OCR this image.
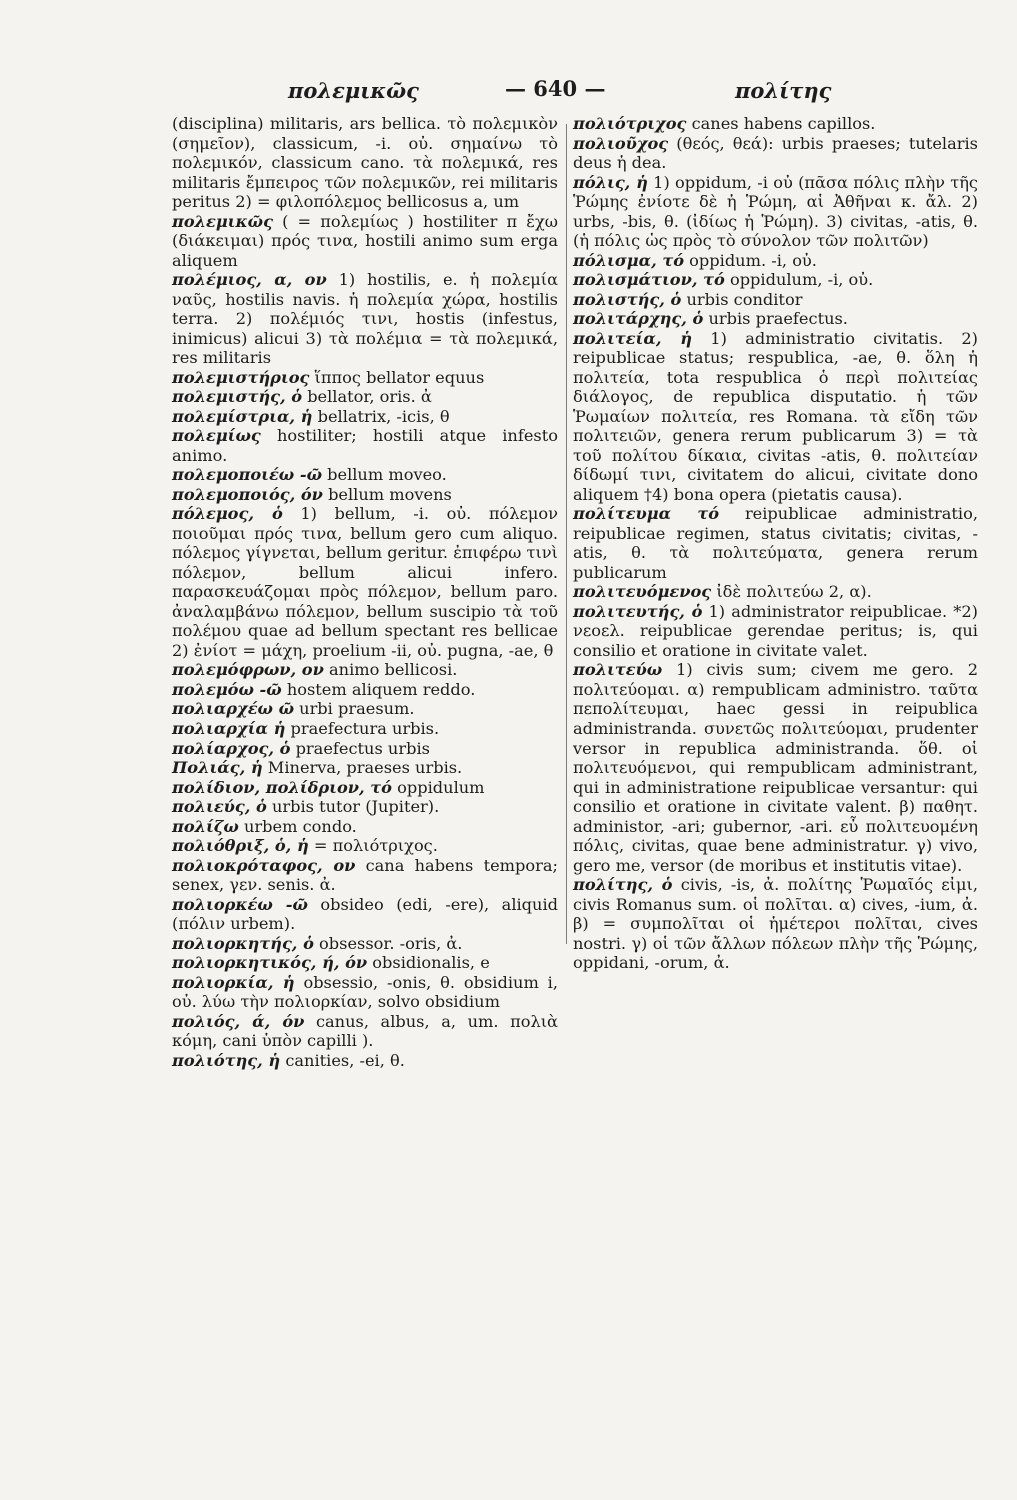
πολεμικῶς	— 640 —	πολίτης

(disciplina) militaris, ars bellica. τὸ πολεμικὸν (σημεῖον), classicum, -i. οὐ. σημαίνω τὸ πολεμικόν, classicum cano. τὰ πολεμικά, res militaris ἔμπειρος τῶν πολεμικῶν, rei militaris peritus 2) = φιλοπόλεμος bellicosus a, um

πολεμικῶς ( = πολεμίως ) hostiliter π ἔχω (διάκειμαι) πρός τινα, hostili animo sum erga aliquem

πολέμιος, α, ον 1) hostilis, e. ἡ πολεμία ναῦς, hostilis navis. ἡ πολεμία χώρα, hostilis terra. 2) πολέμιός τινι, hostis (infestus, inimicus) alicui 3) τὰ πολέμια = τὰ πολεμικά, res militaris

πολεμιστήριος ἵππος bellator equus

πολεμιστής, ὁ bellator, oris. ἀ

πολεμίστρια, ἡ bellatrix, -icis, θ

πολεμίως hostiliter; hostili atque infesto animo.

πολεμοποιέω -ῶ bellum moveo.

πολεμοποιός, όν bellum movens

πόλεμος, ὁ 1) bellum, -i. οὐ. πόλεμον ποιοῦμαι πρός τινα, bellum gero cum aliquo. πόλεμος γίγνεται, bellum geritur. ἐπιφέρω τινὶ πόλεμον, bellum alicui infero. παρασκευάζομαι πρὸς πόλεμον, bellum paro. ἀναλαμβάνω πόλεμον, bellum suscipio τὰ τοῦ πολέμου quae ad bellum spectant res bellicae 2) ἐνίοτ = μάχη, proelium -ii, οὐ. pugna, -ae, θ

πολεμόφρων, ον animo bellicosi.

πολεμόω -ῶ hostem aliquem reddo.

πολιαρχέω ῶ urbi praesum.

πολιαρχία ἡ praefectura urbis.

πολίαρχος, ὁ praefectus urbis

Πολιάς, ἡ Minerva, praeses urbis.

πολίδιον, πολίδριον, τό oppidulum

πολιεύς, ὁ urbis tutor (Jupiter).

πολίζω urbem condo.

πολιόθριξ, ὁ, ἡ = πολιότριχος.

πολιοκρόταφος, ον cana habens tempora; senex, γεν. senis. ἀ.

πολιορκέω -ῶ obsideo (edi, -ere), aliquid (πόλιν urbem).

πολιορκητής, ὁ obsessor. -oris, ἀ.

πολιορκητικός, ή, όν obsidionalis, e

πολιορκία, ἡ obsessio, -onis, θ. obsidium i, οὐ. λύω τὴν πολιορκίαν, solvo obsidium

πολιός, ά, όν canus, albus, a, um. πολιὰ κόμη, cani ὑπὸν capilli ).

πολιότης, ἡ canities, -ei, θ.

πολιότριχος canes habens capillos.

πολιοῦχος (θεός, θεά): urbis praeses; tutelaris deus ἡ dea.

πόλις, ἡ 1) oppidum, -i οὐ (πᾶσα πόλις πλὴν τῆς Ῥώμης ἐνίοτε δὲ ἡ Ῥώμη, αἱ Ἀθῆναι κ. ἄλ. 2) urbs, -bis, θ. (ἰδίως ἡ Ῥώμη). 3) civitas, -atis, θ. (ἡ πόλις ὡς πρὸς τὸ σύνολον τῶν πολιτῶν)

πόλισμα, τό oppidum. -i, οὐ.

πολισμάτιον, τό oppidulum, -i, οὐ.

πολιστής, ὁ urbis conditor

πολιτάρχης, ὁ urbis praefectus.

πολιτεία, ἡ 1) administratio civitatis. 2) reipublicae status; respublica, -ae, θ. ὅλη ἡ πολιτεία, tota respublica ὁ περὶ πολιτείας διάλογος, de republica disputatio. ἡ τῶν Ῥωμαίων πολιτεία, res Romana. τὰ εἴδη τῶν πολιτειῶν, genera rerum publicarum 3) = τὰ τοῦ πολίτου δίκαια, civitas -atis, θ. πολιτείαν δίδωμί τινι, civitatem do alicui, civitate dono aliquem †4) bona opera (pietatis causa).

πολίτευμα τό reipublicae administratio, reipublicae regimen, status civitatis; civitas, -atis, θ. τὰ πολιτεύματα, genera rerum publicarum

πολιτευόμενος ἰδὲ πολιτεύω 2, α).

πολιτευτής, ὁ 1) administrator reipublicae. *2) νεοελ. reipublicae gerendae peritus; is, qui consilio et oratione in civitate valet.

πολιτεύω 1) civis sum; civem me gero. 2 πολιτεύομαι. α) rempublicam administro. ταῦτα πεπολίτευμαι, haec gessi in reipublica administranda. συνετῶς πολιτεύομαι, prudenter versor in republica administranda. ὅθ. οἱ πολιτευόμενοι, qui rempublicam administrant, qui in administratione reipublicae versantur: qui consilio et oratione in civitate valent. β) παθητ. administor, -ari; gubernor, -ari. εὖ πολιτευομένη πόλις, civitas, quae bene administratur. γ) vivo, gero me, versor (de moribus et institutis vitae).

πολίτης, ὁ civis, -is, ἀ. πολίτης Ῥωμαῖός εἰμι, civis Romanus sum. οἱ πολῖται. α) cives, -ium, ἀ. β) = συμπολῖται οἱ ἡμέτεροι πολῖται, cives nostri. γ) οἱ τῶν ἄλλων πόλεων πλὴν τῆς Ῥώμης, oppidani, -orum, ἀ.
